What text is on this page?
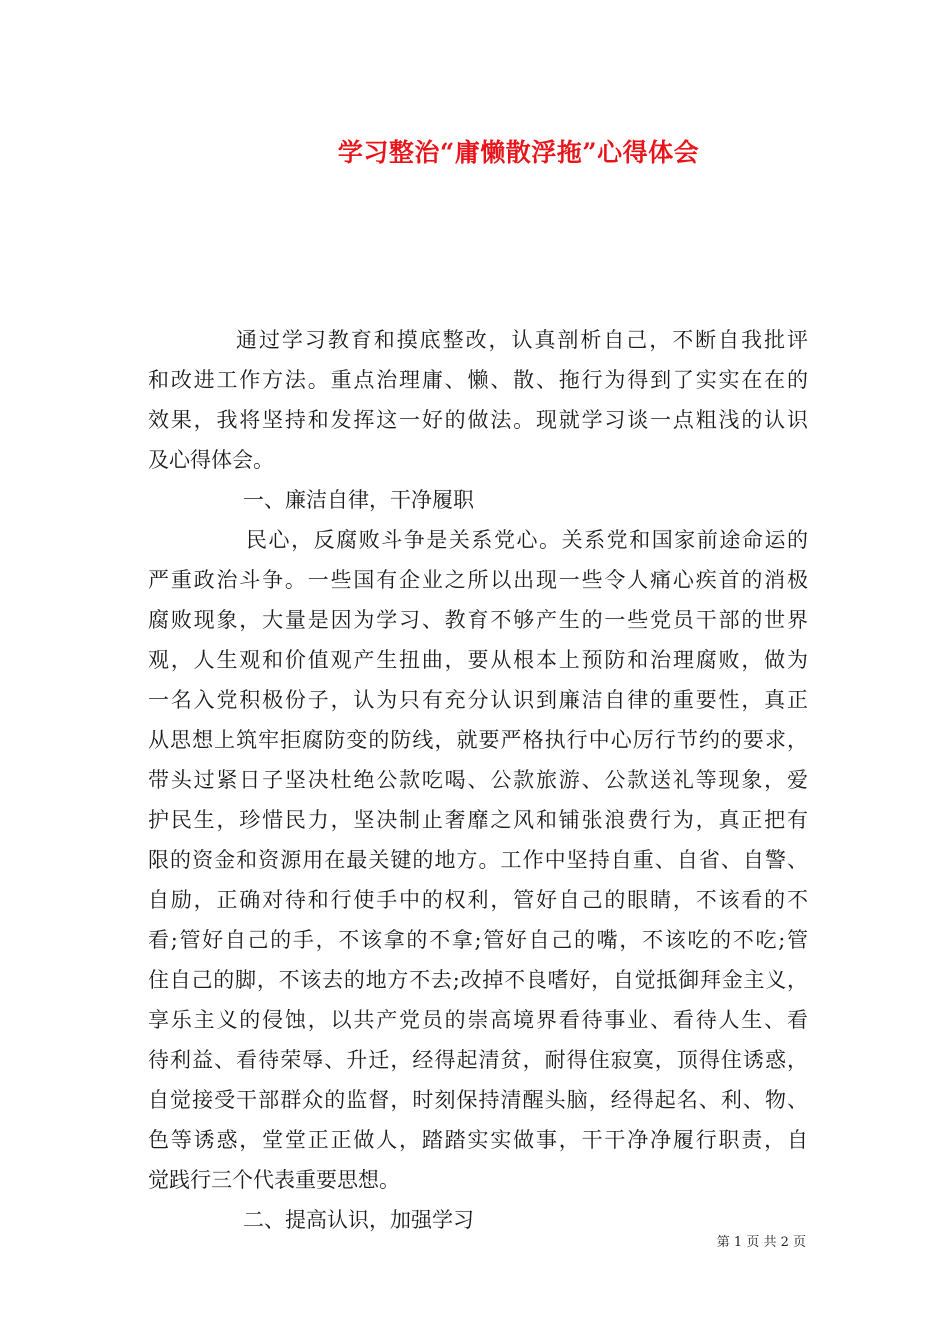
学习整治“庸懒散浮拖”心得体会
通过学习教育和摸底整改，认真剖析自己，不断自我批评
和改进工作方法。重点治理庸、懒、散、拖行为得到了实实在在的
效果，我将坚持和发挥这一好的做法。现就学习谈一点粗浅的认识
及心得体会。
一、廉洁自律，干净履职
民心，反腐败斗争是关系党心。关系党和国家前途命运的
严重政治斗争。一些国有企业之所以出现一些令人痛心疾首的消极
腐败现象，大量是因为学习、教育不够产生的一些党员干部的世界
观，人生观和价值观产生扭曲，要从根本上预防和治理腐败，做为
一名入党积极份子，认为只有充分认识到廉洁自律的重要性，真正
从思想上筑牢拒腐防变的防线，就要严格执行中心厉行节约的要求，
带头过紧日子坚决杜绝公款吃喝、公款旅游、公款送礼等现象，爱
护民生，珍惜民力，坚决制止奢靡之风和铺张浪费行为，真正把有
限的资金和资源用在最关键的地方。工作中坚持自重、自省、自警、
自励，正确对待和行使手中的权利，管好自己的眼睛，不该看的不
看;管好自己的手，不该拿的不拿;管好自己的嘴，不该吃的不吃;管
住自己的脚，不该去的地方不去;改掉不良嗜好，自觉抵御拜金主义，
享乐主义的侵蚀，以共产党员的崇高境界看待事业、看待人生、看
待利益、看待荣辱、升迁，经得起清贫，耐得住寂寞，顶得住诱惑，
自觉接受干部群众的监督，时刻保持清醒头脑，经得起名、利、物、
色等诱惑，堂堂正正做人，踏踏实实做事，干干净净履行职责，自
觉践行三个代表重要思想。
二、提高认识，加强学习
第 1 页 共 2 页
